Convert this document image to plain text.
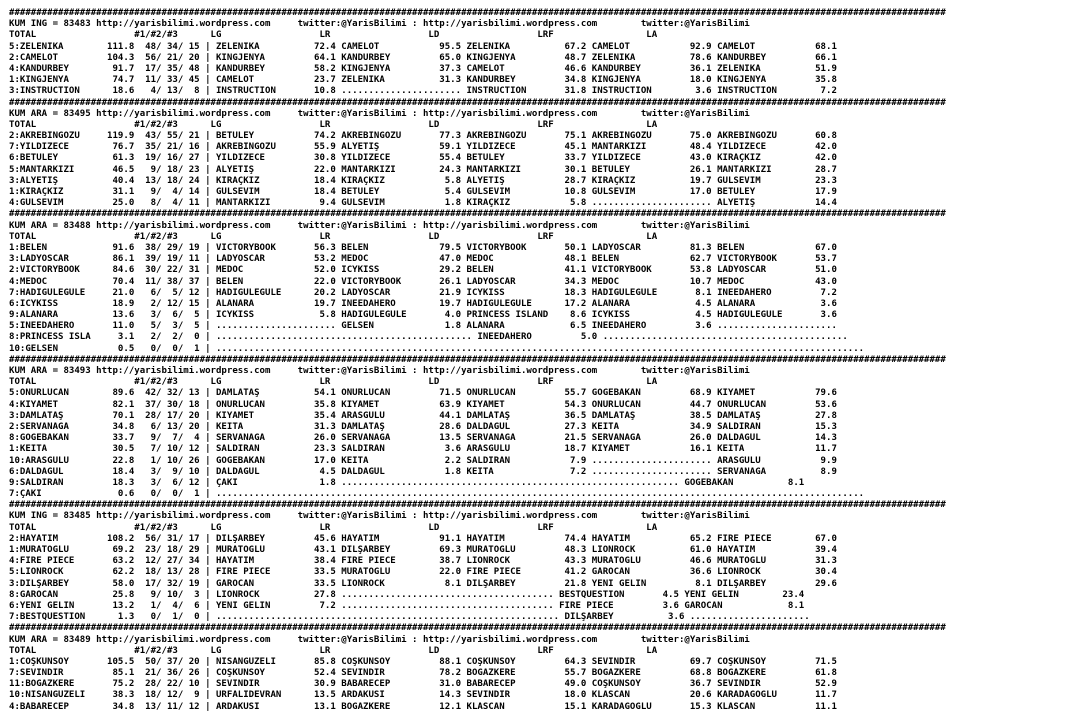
############################################################################################################################################################################
KUM ING = 83483 http://yarisbilimi.wordpress.com     twitter:@YarisBilimi : http://yarisbilimi.wordpress.com        twitter:@YarisBilimi
TOTAL                  #1/#2/#3      LG                  LR                  LD                  LRF                 LA
5:ZELENİKA        111.8  48/ 34/ 15 | ZELENİKA          72.4 CAMELOT           95.5 ZELENİKA          67.2 CAMELOT           92.9 CAMELOT           68.1
2:CAMELOT         104.3  56/ 21/ 20 | KINGJENYA         64.1 KANDURBEY         65.0 KINGJENYA         48.7 ZELENİKA          78.6 KANDURBEY         66.1
4:KANDURBEY        91.7  17/ 35/ 48 | KANDURBEY         58.2 KINGJENYA         37.3 CAMELOT           46.6 KANDURBEY         36.1 ZELENİKA          51.9
1:KINGJENYA        74.7  11/ 33/ 45 | CAMELOT           23.7 ZELENİKA          31.3 KANDURBEY         34.8 KINGJENYA         18.0 KINGJENYA         35.8
3:INSTRUCTION      18.6   4/ 13/  8 | INSTRUCTION       10.8 ...................... INSTRUCTION       31.8 INSTRUCTION        3.6 INSTRUCTION        7.2
############################################################################################################################################################################
KUM ARA = 83495 http://yarisbilimi.wordpress.com     twitter:@YarisBilimi : http://yarisbilimi.wordpress.com        twitter:@YarisBilimi
TOTAL                  #1/#2/#3      LG                  LR                  LD                  LRF                 LA
2:AKREBİNGÖZÜ     119.9  43/ 55/ 21 | BETÜLEY           74.2 AKREBİNGÖZÜ       77.3 AKREBİNGÖZÜ       75.1 AKREBİNGÖZÜ       75.0 AKREBİNGÖZÜ       60.8
7:YILDIZECE        76.7  35/ 21/ 16 | AKREBİNGÖZÜ       55.9 ALYETİŞ           59.1 YILDIZECE         45.1 MANTARKIZI        48.4 YILDIZECE         42.0
6:BETÜLEY          61.3  19/ 16/ 27 | YILDIZECE         30.8 YILDIZECE         55.4 BETÜLEY           33.7 YILDIZECE         43.0 KIRAÇKIZ          42.0
5:MANTARKIZI       46.5   9/ 18/ 23 | ALYETİŞ           22.0 MANTARKIZI        24.3 MANTARKIZI        30.1 BETÜLEY           26.1 MANTARKIZI        28.7
3:ALYETİŞ          40.4  13/ 18/ 24 | KIRAÇKIZ          18.4 KIRAÇKIZ           5.8 ALYETİŞ           28.7 KIRAÇKIZ          19.7 GÜLSEVİM          23.3
1:KIRAÇKIZ         31.1   9/  4/ 14 | GÜLSEVİM          18.4 BETÜLEY            5.4 GÜLSEVİM          10.8 GÜLSEVİM          17.0 BETÜLEY           17.9
4:GÜLSEVİM         25.0   8/  4/ 11 | MANTARKIZI         9.4 GÜLSEVİM           1.8 KIRAÇKIZ           5.8 ...................... ALYETİŞ           14.4
############################################################################################################################################################################
KUM ARA = 83488 http://yarisbilimi.wordpress.com     twitter:@YarisBilimi : http://yarisbilimi.wordpress.com        twitter:@YarisBilimi
TOTAL                  #1/#2/#3      LG                  LR                  LD                  LRF                 LA
1:BELEN            91.6  38/ 29/ 19 | VICTORYBOOK       56.3 BELEN             79.5 VICTORYBOOK       50.1 LADYOSCAR         81.3 BELEN             67.0
3:LADYOSCAR        86.1  39/ 19/ 11 | LADYOSCAR         53.2 MEDOC             47.0 MEDOC             48.1 BELEN             62.7 VICTORYBOOK       53.7
2:VICTORYBOOK      84.6  30/ 22/ 31 | MEDOC             52.0 ICYKISS           29.2 BELEN             41.1 VICTORYBOOK       53.8 LADYOSCAR         51.0
4:MEDOC            70.4  11/ 38/ 37 | BELEN             22.0 VICTORYBOOK       26.1 LADYOSCAR         34.3 MEDOC             10.7 MEDOC             43.0
7:HADIGÜLEGÜLE     21.0   6/  5/ 12 | HADIGÜLEGÜLE      20.2 LADYOSCAR         21.9 ICYKISS           18.3 HADIGÜLEGÜLE       8.1 INEEDAHERO         7.2
6:ICYKISS          18.9   2/ 12/ 15 | ALANARA           19.7 INEEDAHERO        19.7 HADIGÜLEGÜLE      17.2 ALANARA            4.5 ALANARA            3.6
9:ALANARA          13.6   3/  6/  5 | ICYKISS            5.8 HADIGÜLEGÜLE       4.0 PRINCESS ISLAND    8.6 ICYKISS            4.5 HADIGÜLEGÜLE       3.6
5:INEEDAHERO       11.0   5/  3/  5 | ...................... GELSEN             1.8 ALANARA            6.5 INEEDAHERO         3.6 ......................
8:PRINCESS ISLA     3.1   2/  2/  0 | ............................................... INEEDAHERO         5.0 .............................................
10:GELSEN           0.5   0/  0/  1 | .......................................................................................................................
############################################################################################################################################################################
KUM ARA = 83493 http://yarisbilimi.wordpress.com     twitter:@YarisBilimi : http://yarisbilimi.wordpress.com        twitter:@YarisBilimi
TOTAL                  #1/#2/#3      LG                  LR                  LD                  LRF                 LA
5:ONURLUCAN        89.6  42/ 32/ 13 | DAMLATAŞ          54.1 ONURLUCAN         71.5 ONURLUCAN         55.7 GÖĞEBAKAN         68.9 KIYAMET           79.6
4:KIYAMET          82.1  37/ 30/ 18 | ONURLUCAN         35.8 KIYAMET           63.9 KIYAMET           54.3 ONURLUCAN         44.7 ONURLUCAN         53.6
3:DAMLATAŞ         70.1  28/ 17/ 20 | KIYAMET           35.4 ARASGÜLÜ          44.1 DAMLATAŞ          36.5 DAMLATAŞ          38.5 DAMLATAŞ          27.8
2:SERVANAĞA        34.8   6/ 13/ 20 | KEITA             31.3 DAMLATAŞ          28.6 DALDAGÜL          27.3 KEITA             34.9 SALDIRAN          15.3
8:GÖĞEBAKAN        33.7   9/  7/  4 | SERVANAĞA         26.0 SERVANAĞA         13.5 SERVANAĞA         21.5 SERVANAĞA         26.0 DALDAGÜL          14.3
1:KEITA            30.5   7/ 10/ 12 | SALDIRAN          23.3 SALDIRAN           3.6 ARASGÜLÜ          18.7 KIYAMET           16.1 KEITA             11.7
10:ARASGÜLÜ        22.8   1/ 10/ 26 | GÖĞEBAKAN         17.0 KEITA              2.2 SALDIRAN           7.9 ...................... ARASGÜLÜ           9.9
6:DALDAGÜL         18.4   3/  9/ 10 | DALDAGÜL           4.5 DALDAGÜL           1.8 KEITA              7.2 ...................... SERVANAĞA          8.9
9:SALDIRAN         18.3   3/  6/ 12 | ÇAKI               1.8 .............................................................. GÖĞEBAKAN          8.1
7:ÇAKI              0.6   0/  0/  1 | .......................................................................................................................
############################################################################################################################################################################
KUM ING = 83485 http://yarisbilimi.wordpress.com     twitter:@YarisBilimi : http://yarisbilimi.wordpress.com        twitter:@YarisBilimi
TOTAL                  #1/#2/#3      LG                  LR                  LD                  LRF                 LA
2:HAYATIM         108.2  56/ 31/ 17 | DİLŞARBEY         45.6 HAYATIM           91.1 HAYATIM           74.4 HAYATIM           65.2 FIRE PIECE        67.0
1:MURATOĞLU        69.2  23/ 18/ 29 | MURATOĞLU         43.1 DİLŞARBEY         69.3 MURATOĞLU         48.3 LIONROCK          61.0 HAYATIM           39.4
4:FIRE PIECE       63.2  12/ 27/ 34 | HAYATIM           38.4 FIRE PIECE        38.7 LIONROCK          43.3 MURATOĞLU         46.6 MURATOĞLU         31.3
5:LIONROCK         62.2  18/ 13/ 28 | FIRE PIECE        33.5 MURATOĞLU         22.0 FIRE PIECE        41.2 GAROCAN           36.6 LIONROCK          30.4
3:DİLŞARBEY        58.0  17/ 32/ 19 | GAROCAN           33.5 LIONROCK           8.1 DİLŞARBEY         21.8 YENİ GELİN         8.1 DİLŞARBEY         29.6
8:GAROCAN          25.8   9/ 10/  3 | LIONROCK          27.8 ....................................... BESTQUESTION       4.5 YENİ GELİN        23.4
6:YENİ GELİN       13.2   1/  4/  6 | YENİ GELİN         7.2 ....................................... FIRE PIECE         3.6 GAROCAN            8.1
7:BESTQUESTION      1.3   0/  1/  0 | ............................................................... DİLŞARBEY          3.6 ......................
############################################################################################################################################################################
KUM ARA = 83489 http://yarisbilimi.wordpress.com     twitter:@YarisBilimi : http://yarisbilimi.wordpress.com        twitter:@YarisBilimi
TOTAL                  #1/#2/#3      LG                  LR                  LD                  LRF                 LA
1:COŞKUNSOY       105.5  50/ 37/ 20 | NİSANGÜZELİ       85.8 COŞKUNSOY         88.1 COŞKUNSOY         64.3 SEVİNDİR          69.7 COŞKUNSOY         71.5
7:SEVİNDİR         85.1  21/ 36/ 26 | COŞKUNSOY         52.4 SEVİNDİR          78.2 BOĞAZKERE         55.7 BOĞAZKERE         68.8 BOĞAZKERE         61.8
11:BOĞAZKERE       75.2  28/ 22/ 10 | SEVİNDİR          30.9 BABARECEP         31.0 BABARECEP         49.0 COŞKUNSOY         36.7 SEVİNDİR          52.9
10:NİSANGÜZELİ     38.3  18/ 12/  9 | URFALIDEVRAN      13.5 ARDAKUSİ          14.3 SEVİNDİR          18.0 KLASCAN           20.6 KARADAĞOĞLU       11.7
4:BABARECEP        34.8  13/ 11/ 12 | ARDAKUSİ          13.1 BOĞAZKERE         12.1 KLASCAN           15.1 KARADAĞOĞLU       15.3 KLASCAN           11.1
